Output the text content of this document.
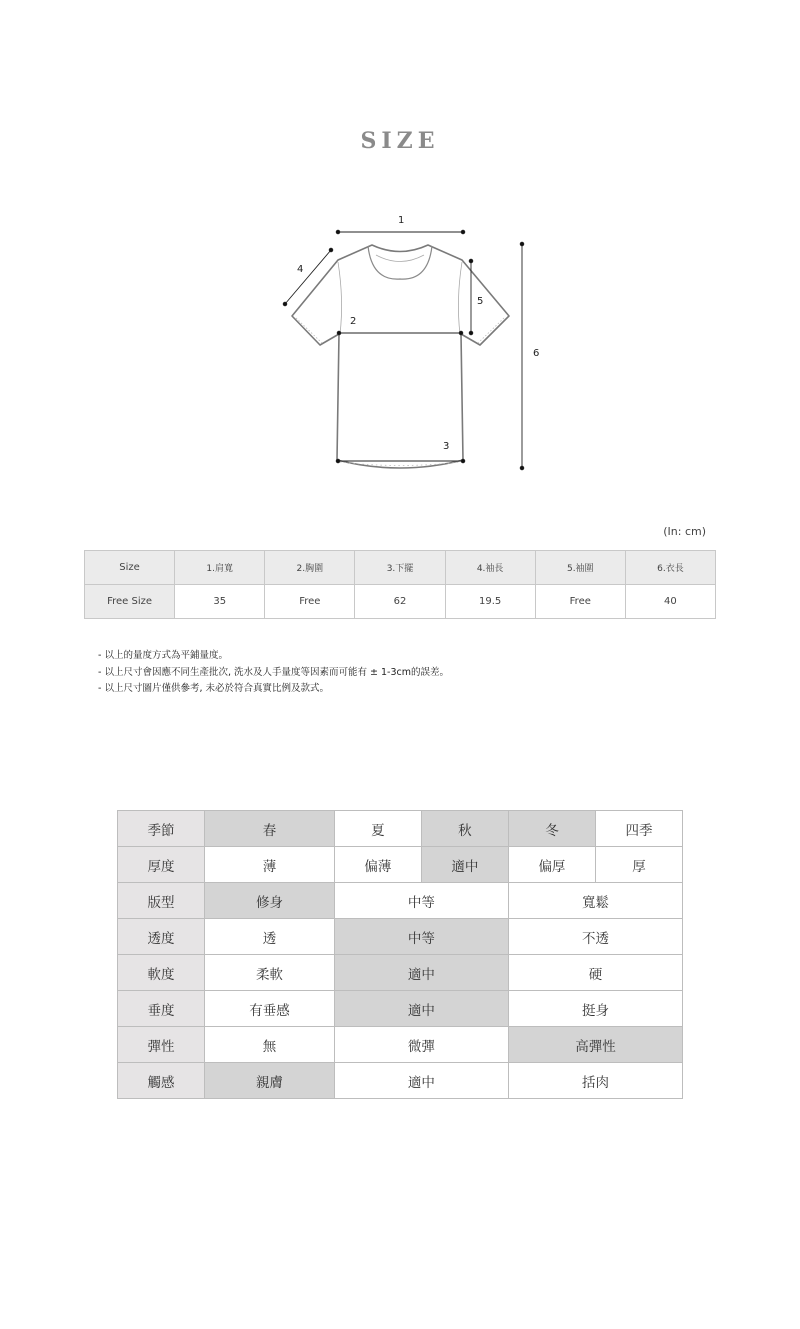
SIZE
1
2
3
4
5
6
(In: cm)
Size	1.肩寬	2.胸圍	3.下擺	4.袖長	5.袖圍	6.衣長
Free Size	35	Free	62	19.5	Free	40
- 以上的量度方式為平鋪量度。
- 以上尺寸會因應不同生產批次, 洗水及人手量度等因素而可能有 ± 1-3cm的誤差。
- 以上尺寸圖片僅供參考, 未必於符合真實比例及款式。
季節	春	夏	秋	冬	四季
厚度	薄	偏薄	適中	偏厚	厚
版型	修身	中等		寬鬆	
透度	透	中等		不透	
軟度	柔軟	適中		硬	
垂度	有垂感	適中		挺身	
彈性	無	微彈		高彈性	
觸感	親膚	適中		括肉	
